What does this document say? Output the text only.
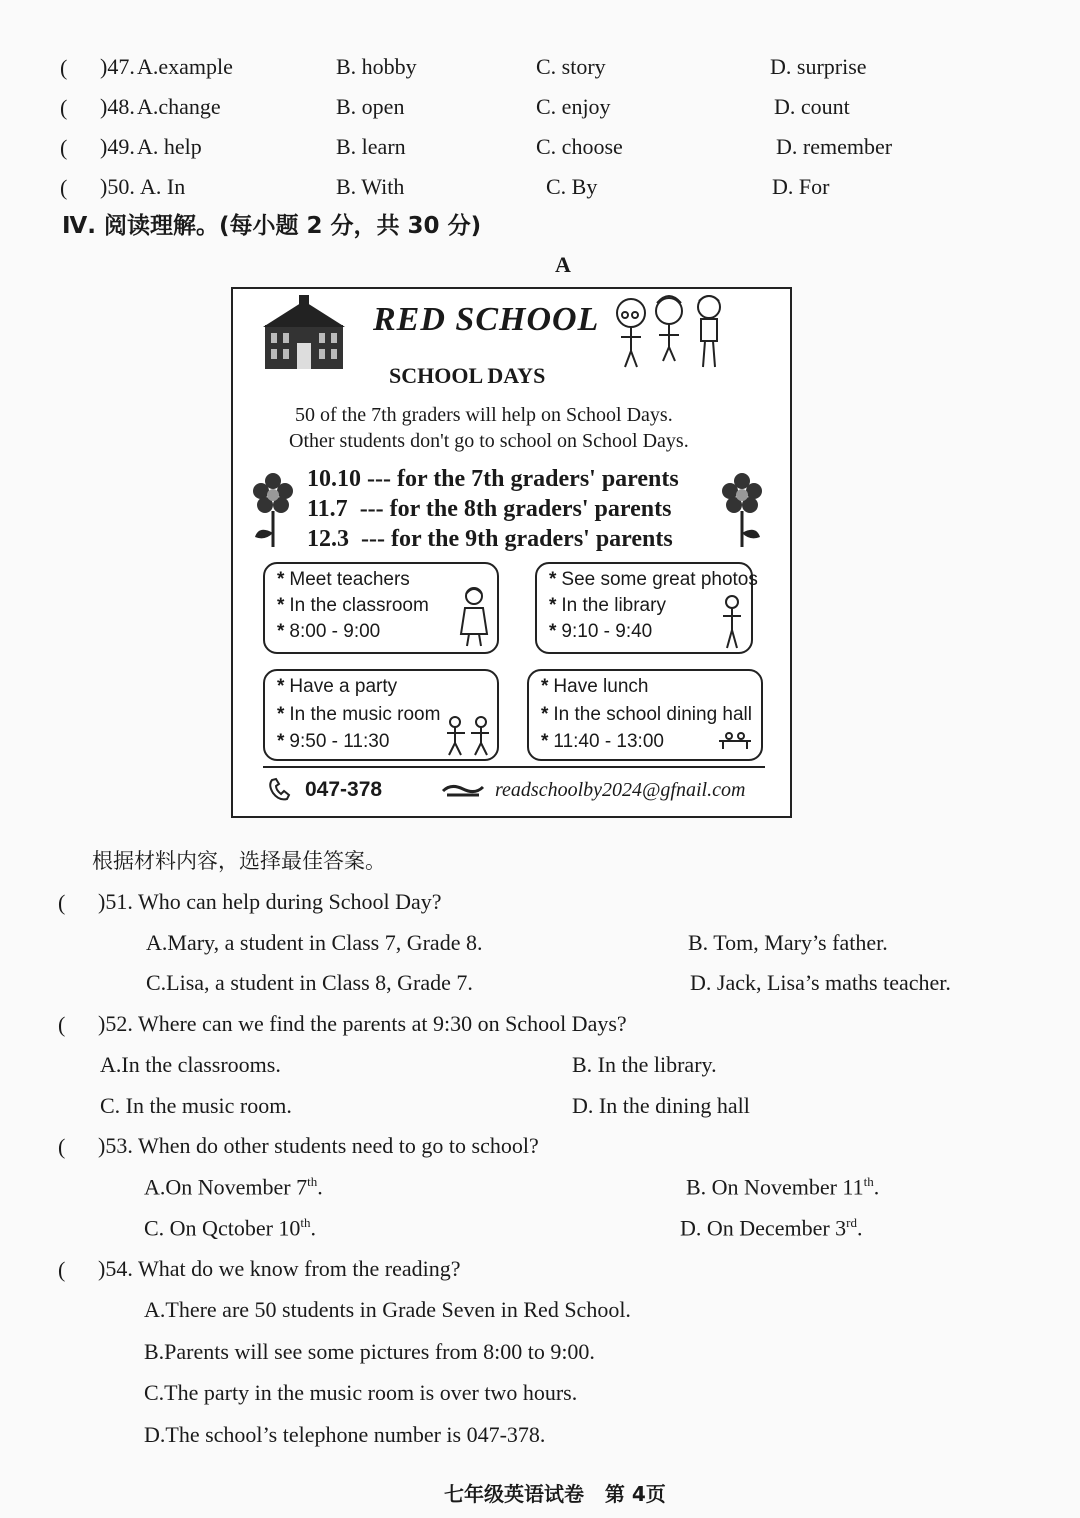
( )47. A.example	B. hobby	C. story	D. surprise
( )48. A.change	B. open	C. enjoy	D. count
( )49. A. help	B. learn	C. choose	D. remember
( )50. A. In	B. With	C. By	D. For
Ⅳ. 阅读理解。(每小题 2 分，共 30 分)
A
RED SCHOOL
SCHOOL DAYS
50 of the 7th graders will help on School Days.
Other students don't go to school on School Days.
10.10 --- for the 7th graders' parents
11.7 --- for the 8th graders' parents
12.3 --- for the 9th graders' parents
* Meet teachers
* In the classroom
* 8:00 - 9:00
* See some great photos
* In the library
* 9:10 - 9:40
* Have a party
* In the music room
* 9:50 - 11:30
* Have lunch
* In the school dining hall
* 11:40 - 13:00
047-378	readschoolby2024@gfnail.com
根据材料内容，选择最佳答案。
( )51. Who can help during School Day?
A.Mary, a student in Class 7, Grade 8.	B. Tom, Mary’s father.
C.Lisa, a student in Class 8, Grade 7.	D. Jack, Lisa’s maths teacher.
( )52. Where can we find the parents at 9:30 on School Days?
A.In the classrooms.	B. In the library.
C. In the music room.	D. In the dining hall
( )53. When do other students need to go to school?
A.On November 7th.	B. On November 11th.
C. On Qctober 10th.	D. On December 3rd.
( )54. What do we know from the reading?
A.There are 50 students in Grade Seven in Red School.
B.Parents will see some pictures from 8:00 to 9:00.
C.The party in the music room is over two hours.
D.The school’s telephone number is 047-378.
七年级英语试卷   第 4页
